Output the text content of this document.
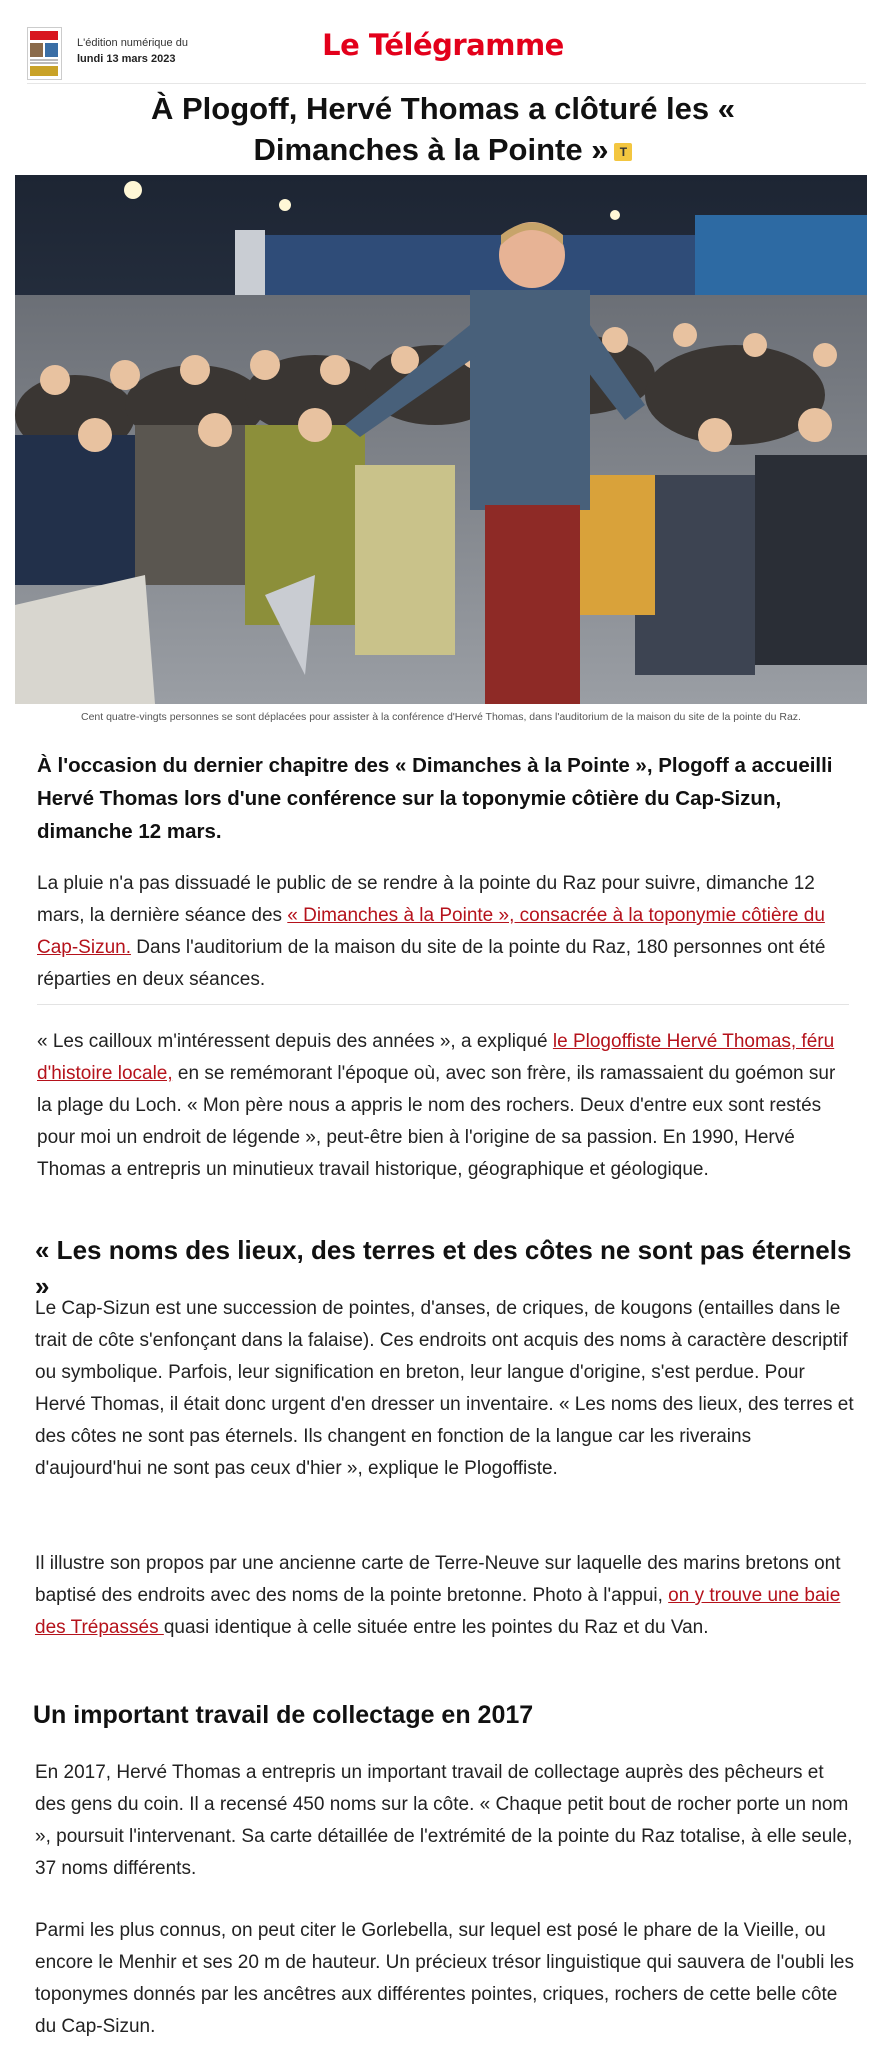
L'édition numérique du
lundi 13 mars 2023	Le Télégramme
À Plogoff, Hervé Thomas a clôturé les « Dimanches à la Pointe » T
Cent quatre-vingts personnes se sont déplacées pour assister à la conférence d'Hervé Thomas, dans l'auditorium de la maison du site de la pointe du Raz.

À l'occasion du dernier chapitre des « Dimanches à la Pointe », Plogoff a accueilli Hervé Thomas lors d'une conférence sur la toponymie côtière du Cap-Sizun, dimanche 12 mars.

La pluie n'a pas dissuadé le public de se rendre à la pointe du Raz pour suivre, dimanche 12 mars, la dernière séance des « Dimanches à la Pointe », consacrée à la toponymie côtière du Cap-Sizun. Dans l'auditorium de la maison du site de la pointe du Raz, 180 personnes ont été réparties en deux séances.

« Les cailloux m'intéressent depuis des années », a expliqué le Plogoffiste Hervé Thomas, féru d'histoire locale, en se remémorant l'époque où, avec son frère, ils ramassaient du goémon sur la plage du Loch. « Mon père nous a appris le nom des rochers. Deux d'entre eux sont restés pour moi un endroit de légende », peut-être bien à l'origine de sa passion. En 1990, Hervé Thomas a entrepris un minutieux travail historique, géographique et géologique.

« Les noms des lieux, des terres et des côtes ne sont pas éternels »

Le Cap-Sizun est une succession de pointes, d'anses, de criques, de kougons (entailles dans le trait de côte s'enfonçant dans la falaise). Ces endroits ont acquis des noms à caractère descriptif ou symbolique. Parfois, leur signification en breton, leur langue d'origine, s'est perdue. Pour Hervé Thomas, il était donc urgent d'en dresser un inventaire. « Les noms des lieux, des terres et des côtes ne sont pas éternels. Ils changent en fonction de la langue car les riverains d'aujourd'hui ne sont pas ceux d'hier », explique le Plogoffiste.

Il illustre son propos par une ancienne carte de Terre-Neuve sur laquelle des marins bretons ont baptisé des endroits avec des noms de la pointe bretonne. Photo à l'appui, on y trouve une baie des Trépassés quasi identique à celle située entre les pointes du Raz et du Van.

Un important travail de collectage en 2017

En 2017, Hervé Thomas a entrepris un important travail de collectage auprès des pêcheurs et des gens du coin. Il a recensé 450 noms sur la côte. « Chaque petit bout de rocher porte un nom », poursuit l'intervenant. Sa carte détaillée de l'extrémité de la pointe du Raz totalise, à elle seule, 37 noms différents.

Parmi les plus connus, on peut citer le Gorlebella, sur lequel est posé le phare de la Vieille, ou encore le Menhir et ses 20 m de hauteur. Un précieux trésor linguistique qui sauvera de l'oubli les toponymes donnés par les ancêtres aux différentes pointes, criques, rochers de cette belle côte du Cap-Sizun.
